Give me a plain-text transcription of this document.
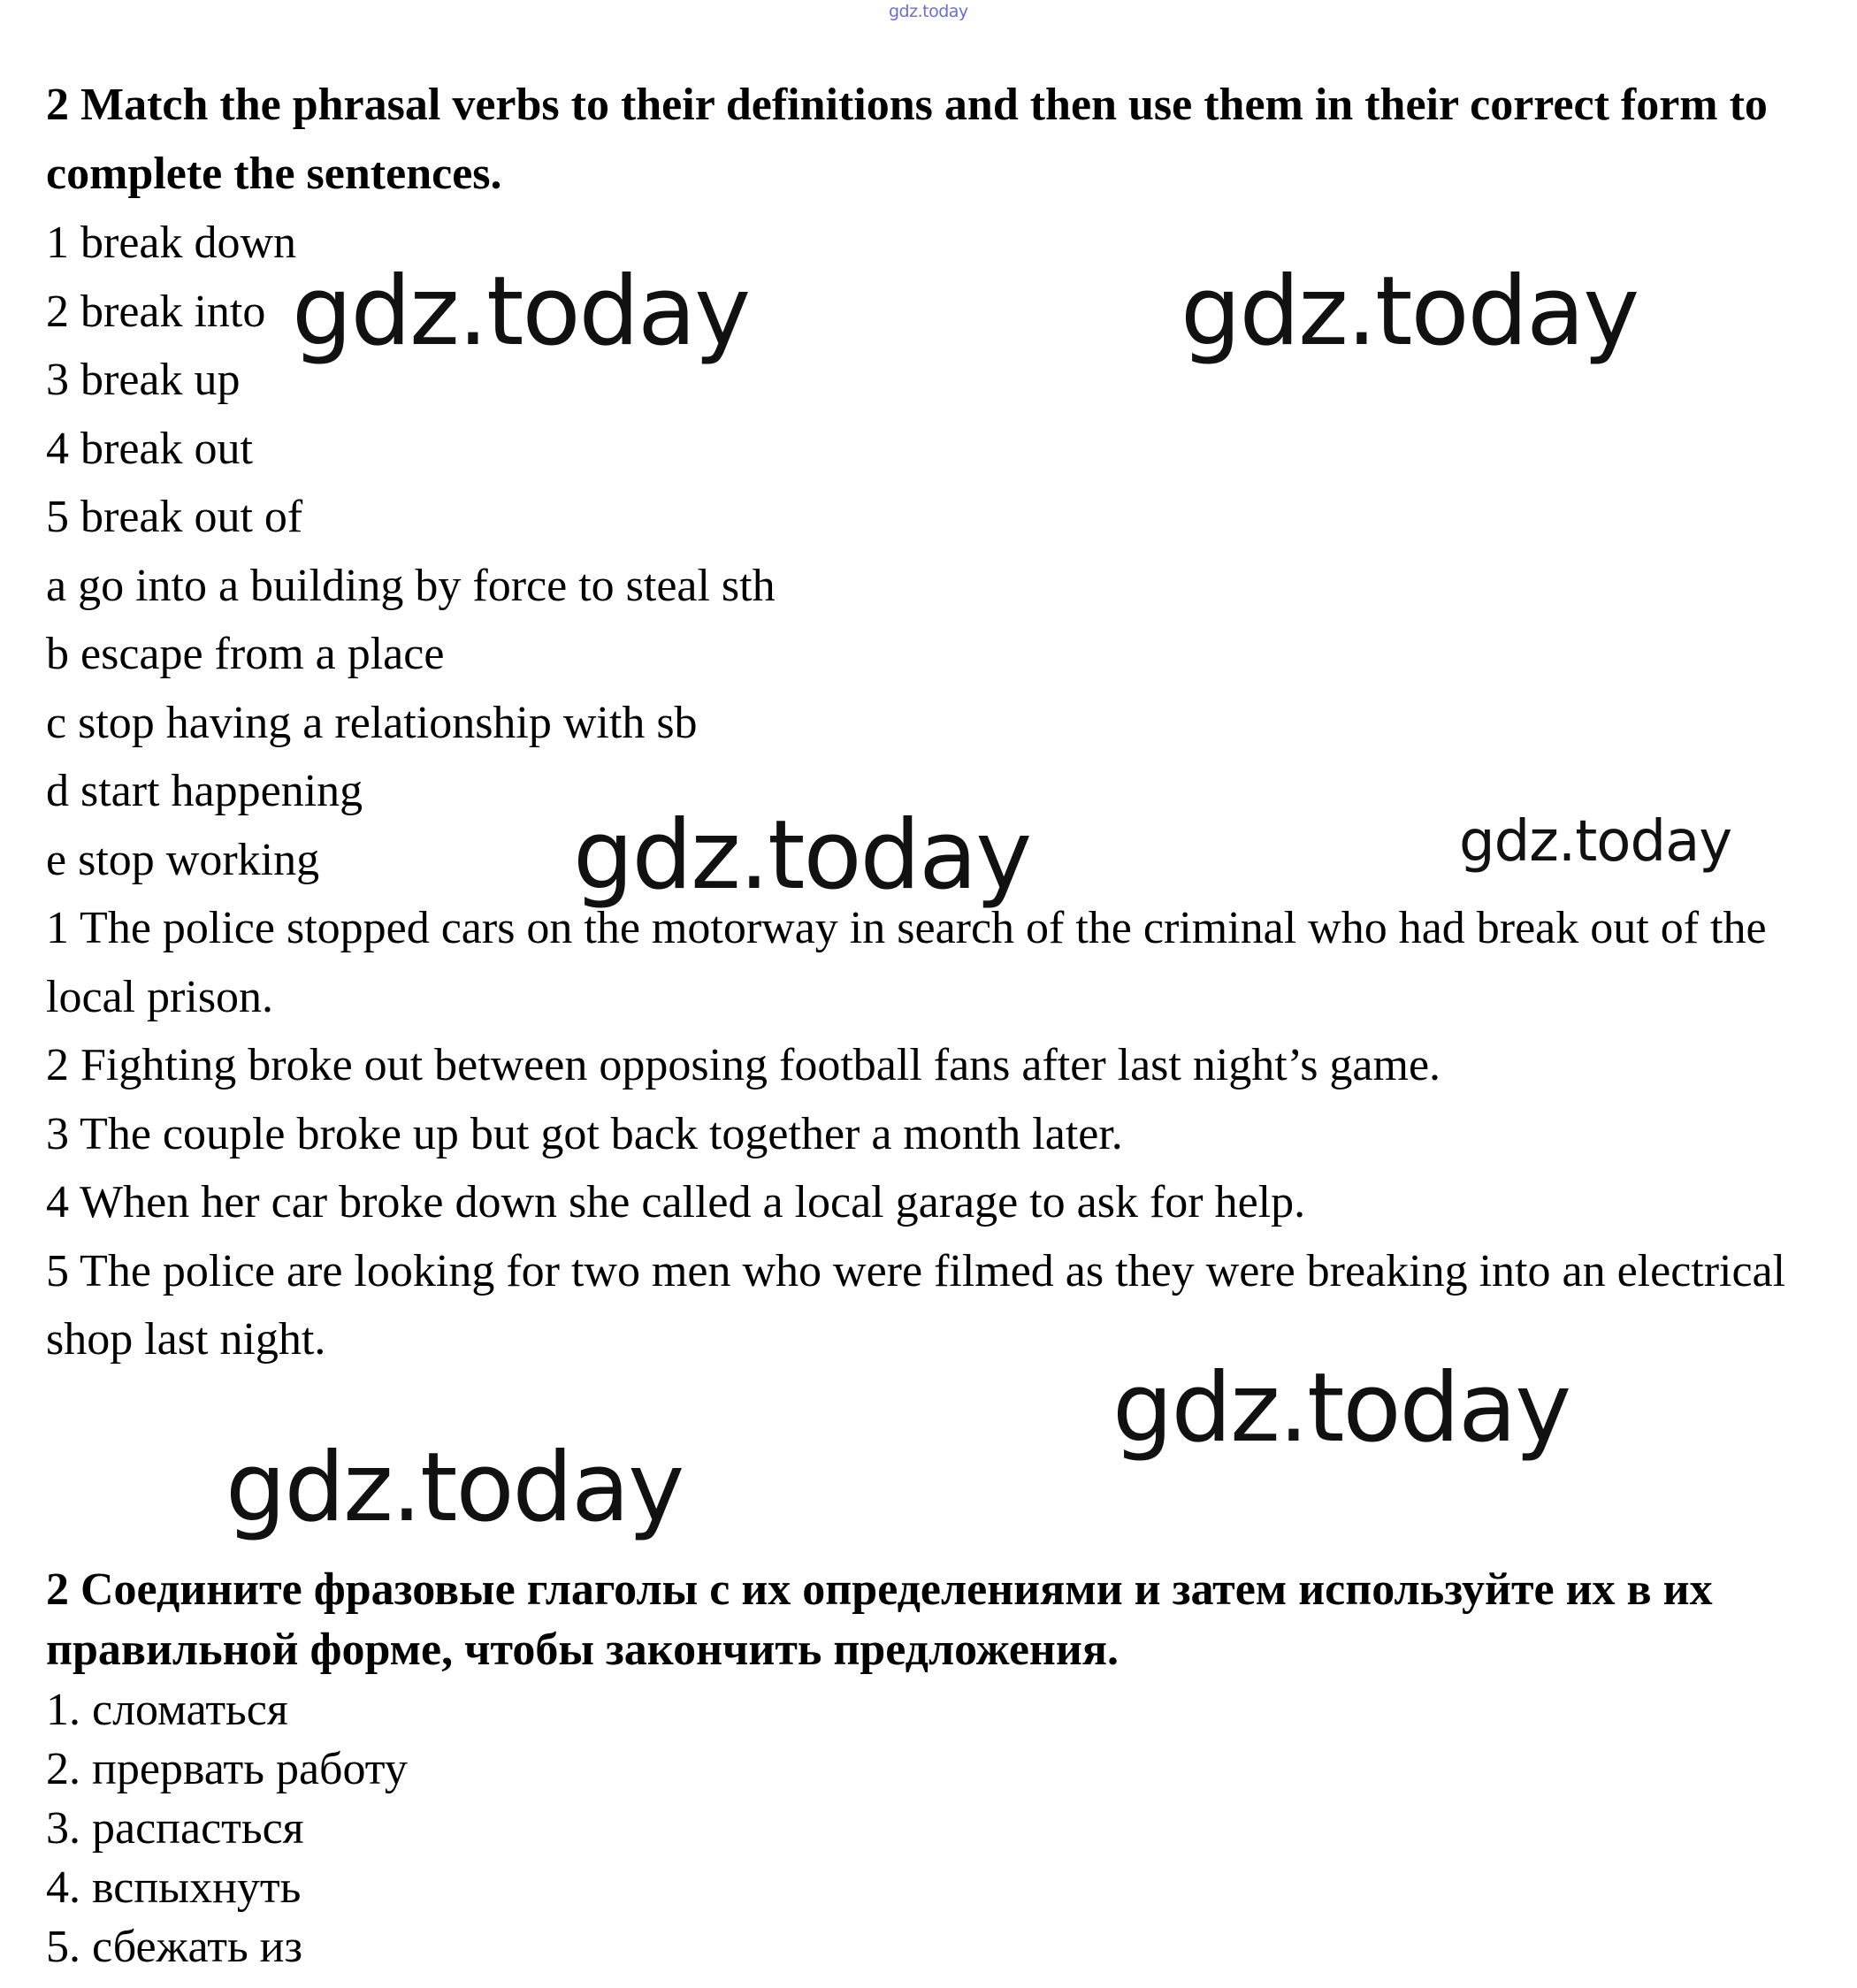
gdz.today

2 Match the phrasal verbs to their definitions and then use them in their correct form to complete the sentences.

1 break down

2 break into

3 break up

4 break out

5 break out of

a go into a building by force to steal sth

b escape from a place

c stop having a relationship with sb

d start happening

e stop working

1 The police stopped cars on the motorway in search of the criminal who had break out of the local prison.

2 Fighting broke out between opposing football fans after last night’s game.

3 The couple broke up but got back together a month later.

4 When her car broke down she called a local garage to ask for help.

5 The police are looking for two men who were filmed as they were breaking into an electrical shop last night.

2 Соедините фразовые глаголы с их определениями и затем используйте их в их правильной форме, чтобы закончить предложения.

1. сломаться

2. прервать работу

3. распасться

4. вспыхнуть

5. сбежать из

gdz.today	gdz.today
gdz.today	gdz.today
gdz.today
gdz.today
